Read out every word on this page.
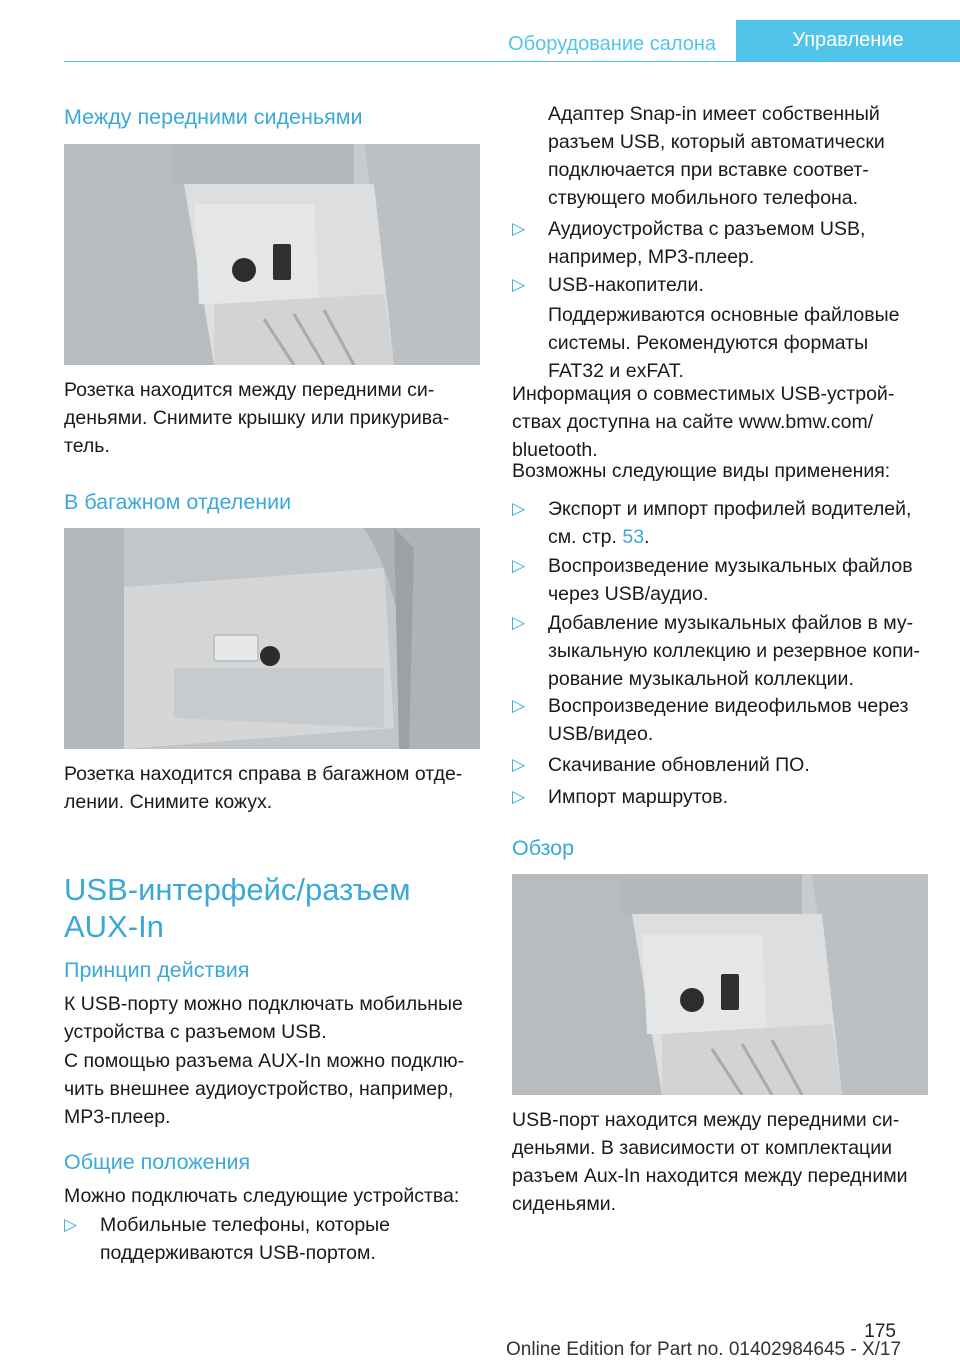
Оборудование салона	Управление
Между передними сиденьями

Розетка находится между передними си-деньями. Снимите крышку или прикурива-тель.

В багажном отделении

Розетка находится справа в багажном отде-лении. Снимите кожух.

USB-интерфейс/разъем
AUX-In
Принцип действия

К USB-порту можно подключать мобильные устройства с разъемом USB.

С помощью разъема AUX-In можно подклю-чить внешнее аудиоустройство, например, MP3-плеер.

Общие положения

Можно подключать следующие устройства:

▷ Мобильные телефоны, которые поддерживаются USB-портом.

Адаптер Snap-in имеет собственный разъем USB, который автоматически подключается при вставке соответ-ствующего мобильного телефона.

▷ Аудиоустройства с разъемом USB, например, MP3-плеер.
▷ USB-накопители.

Поддерживаются основные файловые системы. Рекомендуются форматы FAT32 и exFAT.

Информация о совместимых USB-устрой-ствах доступна на сайте www.bmw.com/ bluetooth.

Возможны следующие виды применения:

▷ Экспорт и импорт профилей водителей, см. стр. 53.
▷ Воспроизведение музыкальных файлов через USB/аудио.
▷ Добавление музыкальных файлов в му-зыкальную коллекцию и резервное копи-рование музыкальной коллекции.
▷ Воспроизведение видеофильмов через USB/видео.
▷ Скачивание обновлений ПО.
▷ Импорт маршрутов.
Обзор

USB-порт находится между передними си-деньями. В зависимости от комплектации разъем Aux-In находится между передними сиденьями.

175
Online Edition for Part no. 01402984645 - X/17
